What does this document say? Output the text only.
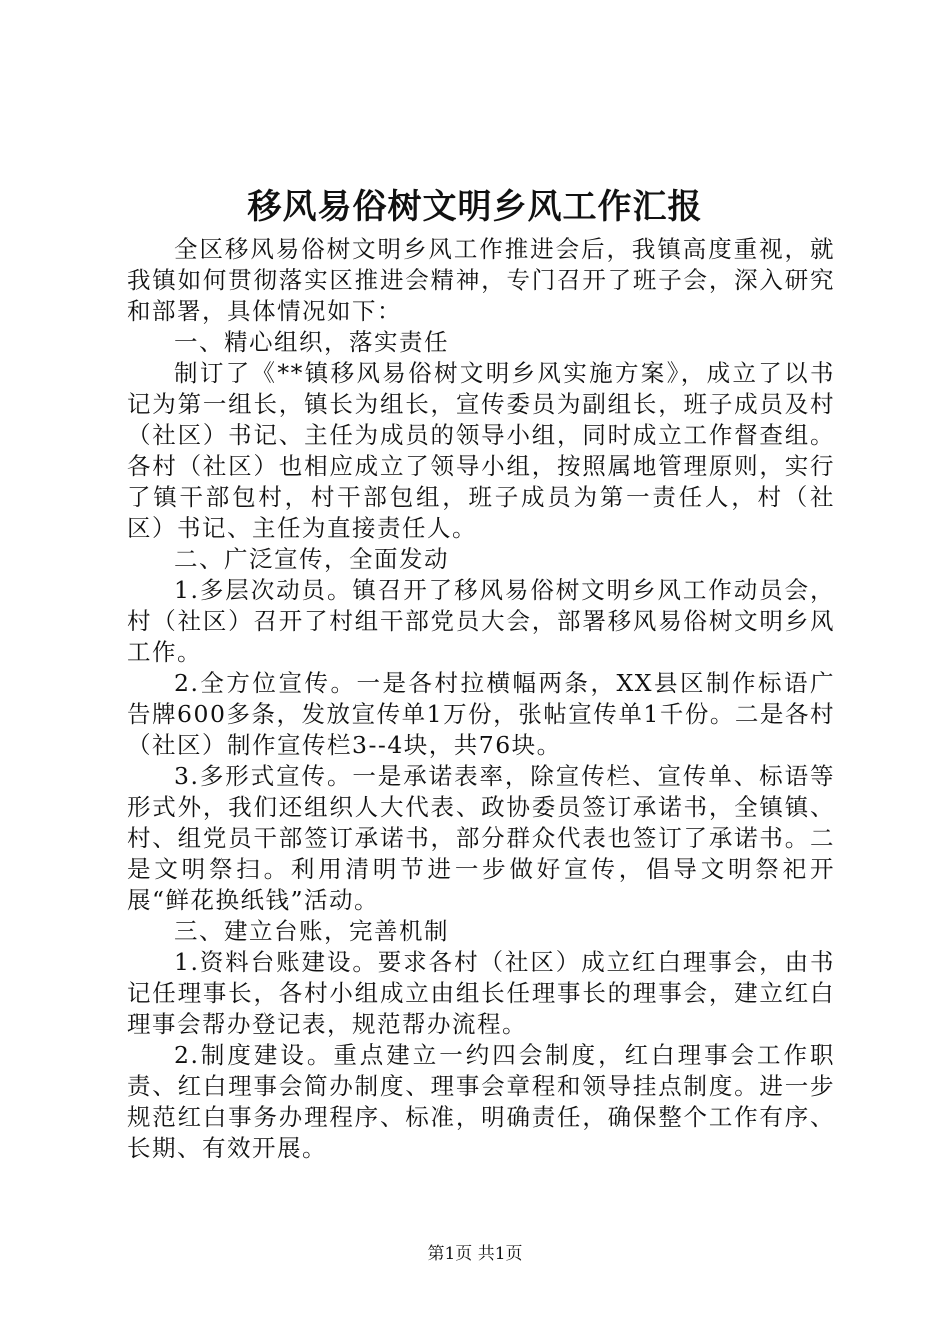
移风易俗树文明乡风工作汇报

全区移风易俗树文明乡风工作推进会后，我镇高度重视，就我镇如何贯彻落实区推进会精神，专门召开了班子会，深入研究和部署，具体情况如下：

一、精心组织，落实责任

制订了《**镇移风易俗树文明乡风实施方案》，成立了以书记为第一组长，镇长为组长，宣传委员为副组长，班子成员及村（社区）书记、主任为成员的领导小组，同时成立工作督查组。各村（社区）也相应成立了领导小组，按照属地管理原则，实行了镇干部包村，村干部包组，班子成员为第一责任人，村（社区）书记、主任为直接责任人。

二、广泛宣传，全面发动

1.多层次动员。镇召开了移风易俗树文明乡风工作动员会，村（社区）召开了村组干部党员大会，部署移风易俗树文明乡风工作。

2.全方位宣传。一是各村拉横幅两条，XX县区制作标语广告牌600多条，发放宣传单1万份，张帖宣传单1千份。二是各村（社区）制作宣传栏3--4块，共76块。

3.多形式宣传。一是承诺表率，除宣传栏、宣传单、标语等形式外，我们还组织人大代表、政协委员签订承诺书，全镇镇、村、组党员干部签订承诺书，部分群众代表也签订了承诺书。二是文明祭扫。利用清明节进一步做好宣传，倡导文明祭祀开展“鲜花换纸钱”活动。

三、建立台账，完善机制

1.资料台账建设。要求各村（社区）成立红白理事会，由书记任理事长，各村小组成立由组长任理事长的理事会，建立红白理事会帮办登记表，规范帮办流程。

2.制度建设。重点建立一约四会制度，红白理事会工作职责、红白理事会简办制度、理事会章程和领导挂点制度。进一步规范红白事务办理程序、标准，明确责任，确保整个工作有序、长期、有效开展。

第1页 共1页
